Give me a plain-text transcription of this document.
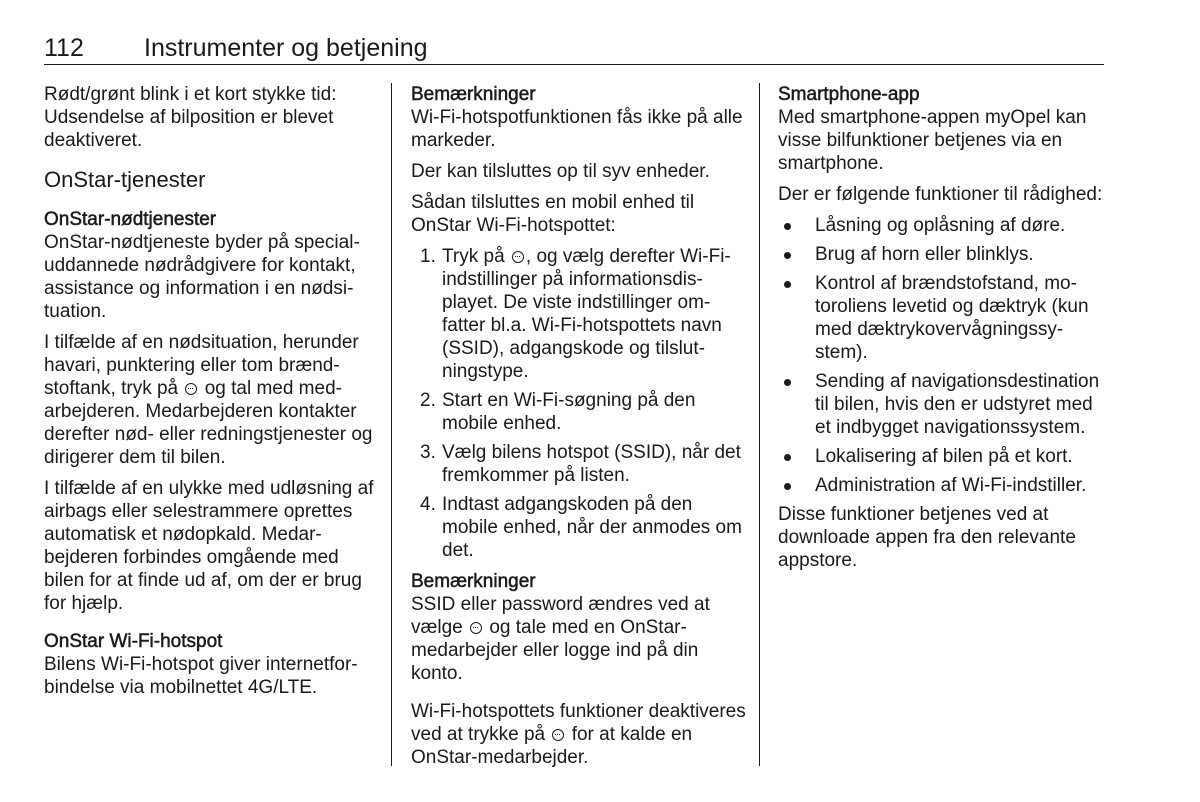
112 Instrumenter og betjening

Rødt/grønt blink i et kort stykke tid: Udsendelse af bilposition er blevet deaktiveret.

OnStar-tjenester
OnStar-nødtjenester

OnStar-nødtjeneste byder på specialuddannede nødrådgivere for kontakt, assistance og information i en nødsituation.

I tilfælde af en nødsituation, herunder havari, punktering eller tom brændstoftank, tryk på og tal med medarbejderen. Medarbejderen kontakter derefter nød- eller redningstjenester og dirigerer dem til bilen.

I tilfælde af en ulykke med udløsning af airbags eller selestrammere oprettes automatisk et nødopkald. Medarbejderen forbindes omgående med bilen for at finde ud af, om der er brug for hjælp.

OnStar Wi-Fi-hotspot

Bilens Wi-Fi-hotspot giver internetforbindelse via mobilnettet 4G/LTE.

Bemærkninger

Wi-Fi-hotspotfunktionen fås ikke på alle markeder.

Der kan tilsluttes op til syv enheder.

Sådan tilsluttes en mobil enhed til OnStar Wi-Fi-hotspottet:

1. Tryk på , og vælg derefter Wi-Fi-indstillinger på informationsdisplayet. De viste indstillinger omfatter bl.a. Wi-Fi-hotspottets navn (SSID), adgangskode og tilslutningstype.
2. Start en Wi-Fi-søgning på den mobile enhed.
3. Vælg bilens hotspot (SSID), når det fremkommer på listen.
4. Indtast adgangskoden på den mobile enhed, når der anmodes om det.
Bemærkninger

SSID eller password ændres ved at vælge og tale med en OnStar-medarbejder eller logge ind på din konto.

Wi-Fi-hotspottets funktioner deaktiveres ved at trykke på for at kalde en OnStar-medarbejder.

Smartphone-app

Med smartphone-appen myOpel kan visse bilfunktioner betjenes via en smartphone.

Der er følgende funktioner til rådighed:

Låsning og oplåsning af døre.
Brug af horn eller blinklys.
Kontrol af brændstofstand, motoroliens levetid og dæktryk (kun med dæktrykovervågningssystem).
Sending af navigationsdestination til bilen, hvis den er udstyret med et indbygget navigationssystem.
Lokalisering af bilen på et kort.
Administration af Wi-Fi-indstiller.

Disse funktioner betjenes ved at downloade appen fra den relevante appstore.
